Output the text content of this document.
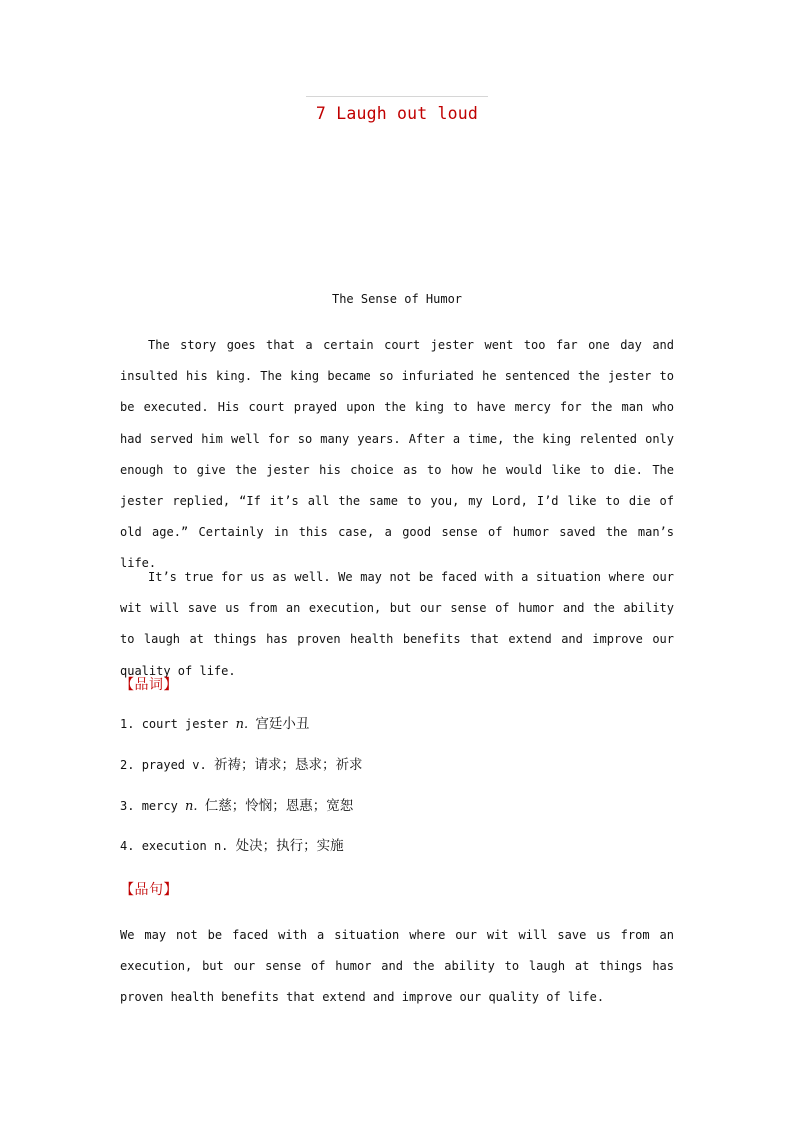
7 Laugh out loud
The Sense of Humor
The story goes that a certain court jester went too far one day and insulted his king. The king became so infuriated he sentenced the jester to be executed. His court prayed upon the king to have mercy for the man who had served him well for so many years. After a time, the king relented only enough to give the jester his choice as to how he would like to die. The jester replied, “If it’s all the same to you, my Lord, I’d like to die of old age.” Certainly in this case, a good sense of humor saved the man’s life.
It’s true for us as well. We may not be faced with a situation where our wit will save us from an execution, but our sense of humor and the ability to laugh at things has proven health benefits that extend and improve our quality of life.
【品词】
1. court jester n. 宫廷小丑
2. prayed v. 祈祷；请求；恳求；祈求
3. mercy n. 仁慈；怜悯；恩惠；宽恕
4. execution n. 处决；执行；实施
【品句】
We may not be faced with a situation where our wit will save us from an execution, but our sense of humor and the ability to laugh at things has proven health benefits that extend and improve our quality of life.
